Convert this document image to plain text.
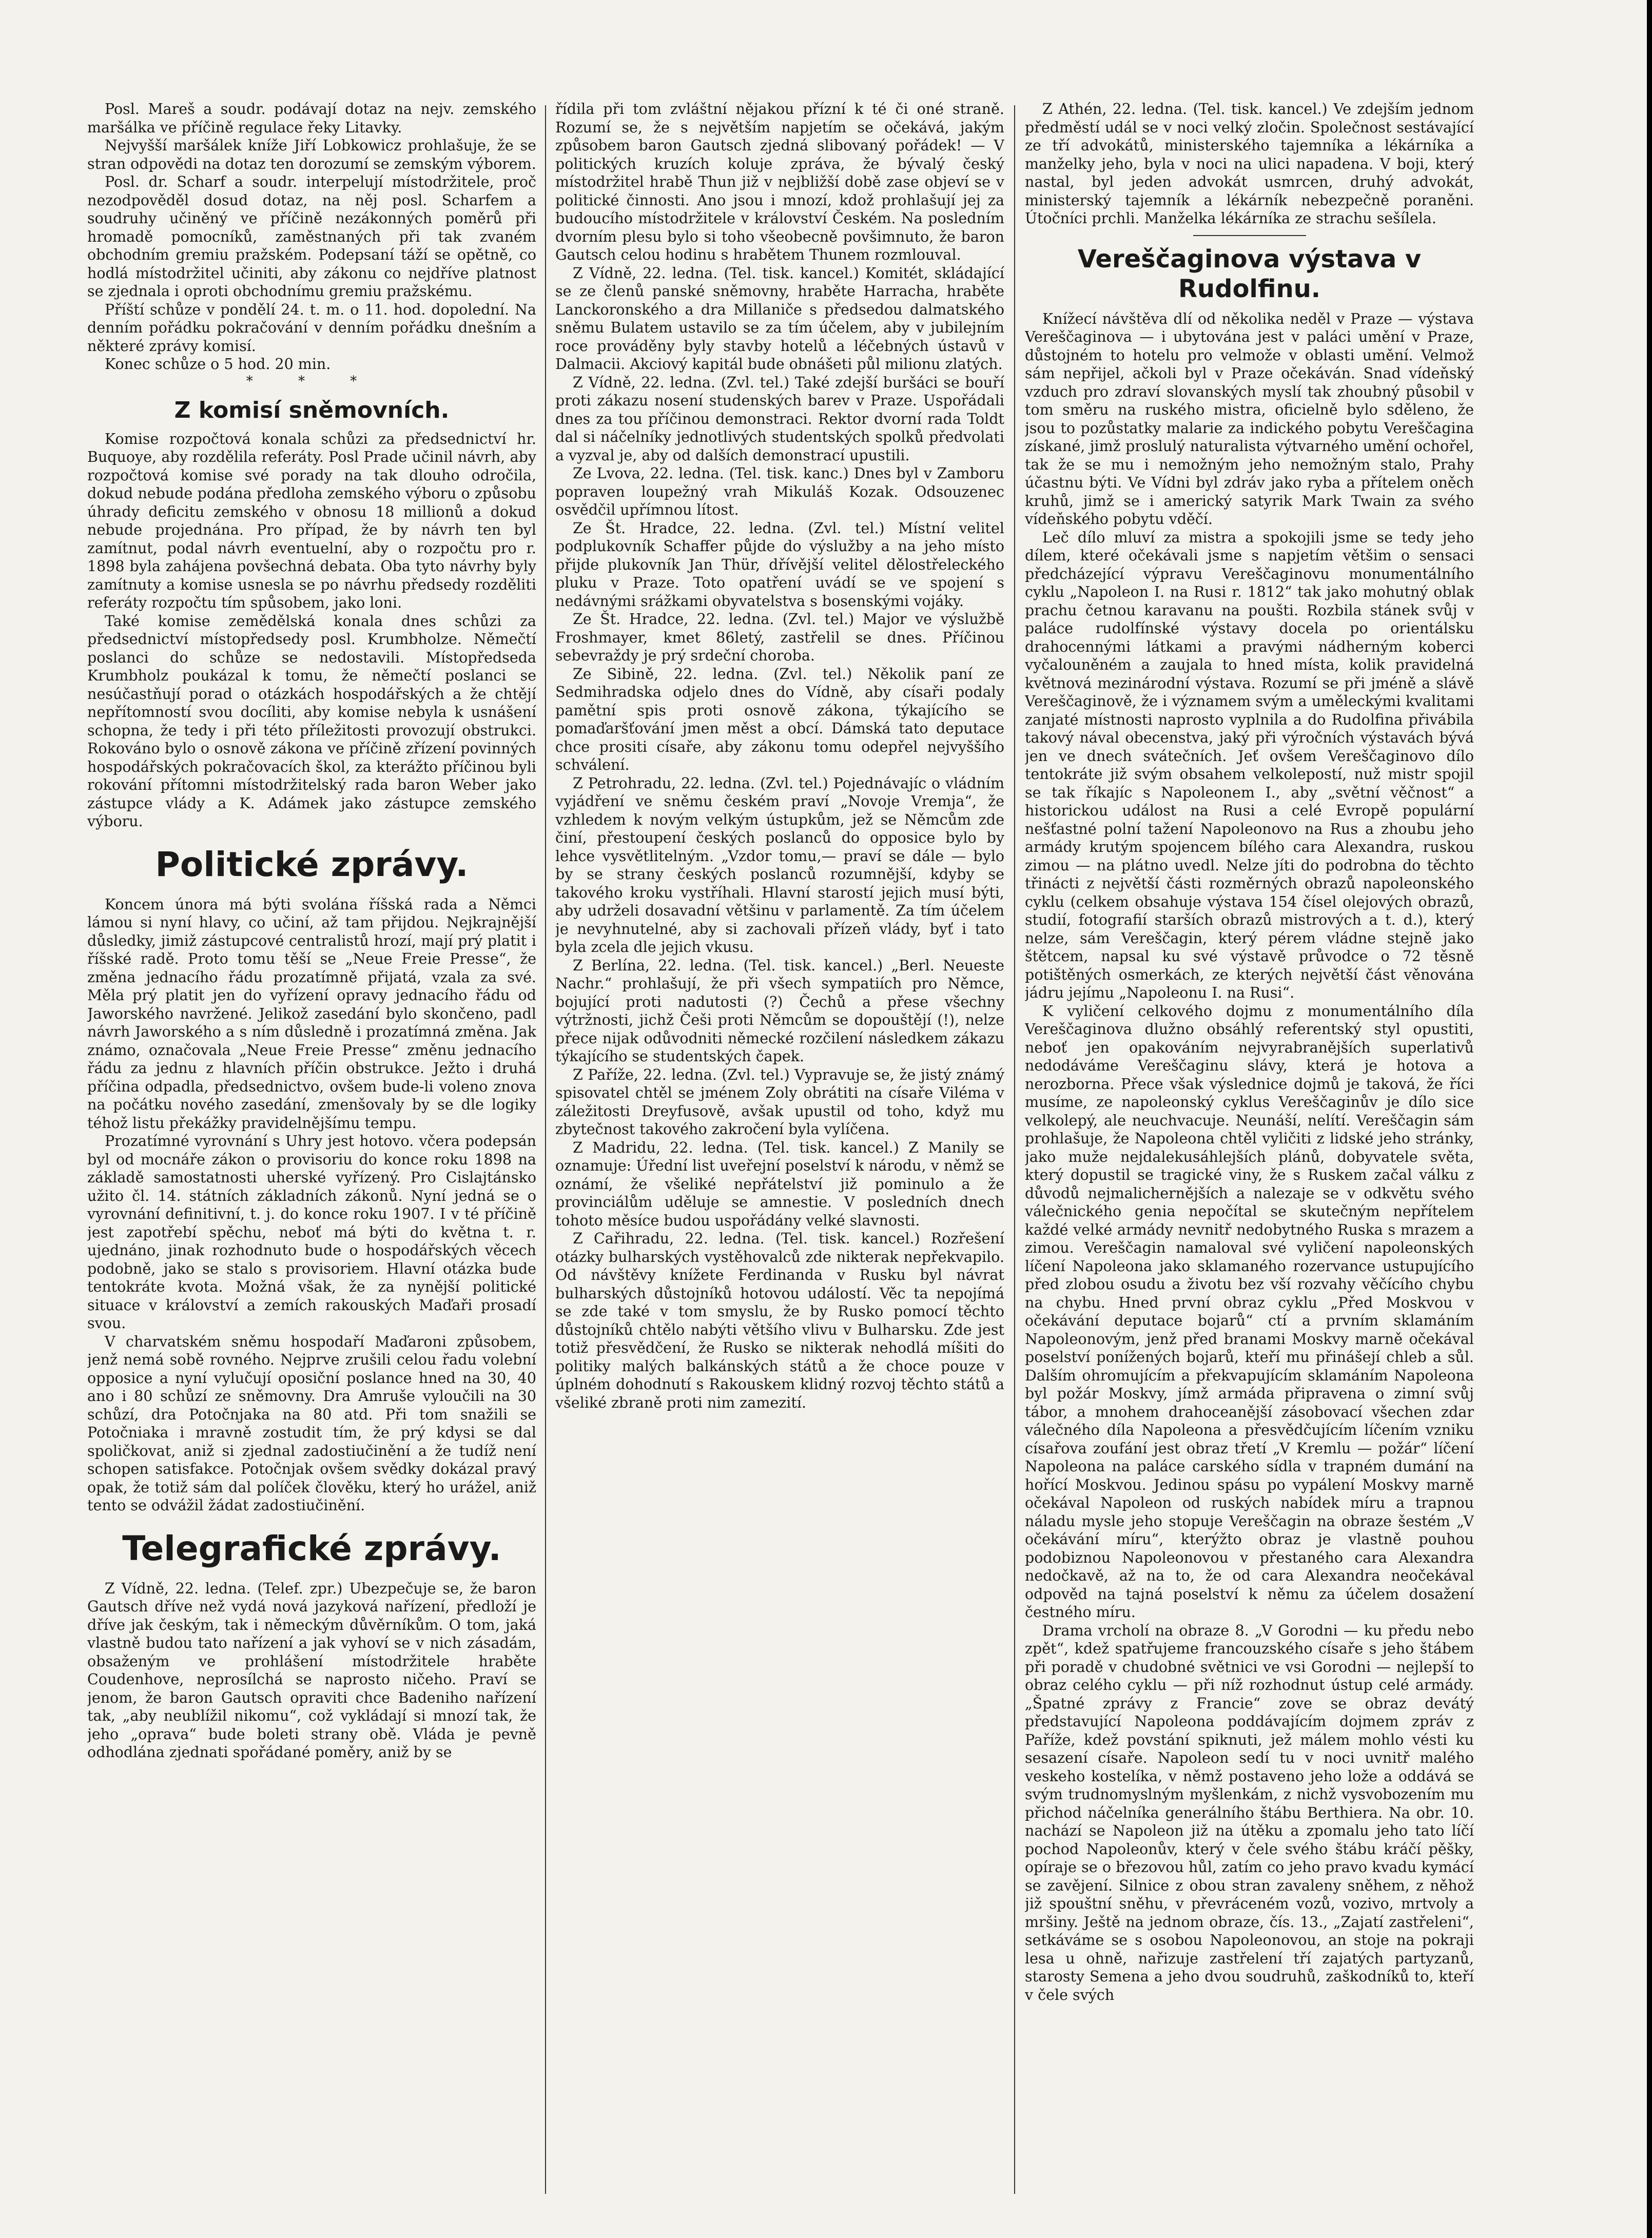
Posl. Mareš a soudr. podávají dotaz na nejv. zemského maršálka ve příčině regulace řeky Litavky.

Nejvyšší maršálek kníže Jiří Lobkowicz prohlašuje, že se stran odpovědi na dotaz ten dorozumí se zemským výborem.

Posl. dr. Scharf a soudr. interpelují místodržitele, proč nezodpověděl dosud dotaz, na něj posl. Scharfem a soudruhy učiněný ve příčině nezákonných poměrů při hromadě pomocníků, zaměstnaných při tak zvaném obchodním gremiu pražském. Podepsaní táží se opětně, co hodlá místodržitel učiniti, aby zákonu co nejdříve platnost se zjednala i oproti obchodnímu gremiu pražskému.

Příští schůze v pondělí 24. t. m. o 11. hod. dopolední. Na denním pořádku pokračování v denním pořádku dnešním a některé zprávy komisí.

Konec schůze o 5 hod. 20 min.

* * *
Z komisí sněmovních.

Komise rozpočtová konala schůzi za předsednictví hr. Buquoye, aby rozdělila referáty. Posl Prade učinil návrh, aby rozpočtová komise své porady na tak dlouho odročila, dokud nebude podána předloha zemského výboru o způsobu úhrady deficitu zemského v obnosu 18 millionů a dokud nebude projednána. Pro případ, že by návrh ten byl zamítnut, podal návrh eventuelní, aby o rozpočtu pro r. 1898 byla zahájena povšechná debata. Oba tyto návrhy byly zamítnuty a komise usnesla se po návrhu předsedy rozděliti referáty rozpočtu tím spůsobem, jako loni.

Také komise zemědělská konala dnes schůzi za předsednictví místopředsedy posl. Krumbholze. Němečtí poslanci do schůze se nedostavili. Místopředseda Krumbholz poukázal k tomu, že němečtí poslanci se nesúčastňují porad o otázkách hospodářských a že chtějí nepřítomností svou docíliti, aby komise nebyla k usnášení schopna, že tedy i při této příležitosti provozují obstrukci. Rokováno bylo o osnově zákona ve příčině zřízení povinných hospodářských pokračovacích škol, za kterážto příčinou byli rokování přítomni místodržitelský rada baron Weber jako zástupce vlády a K. Adámek jako zástupce zemského výboru.

Politické zprávy.

Koncem února má býti svolána říšská rada a Němci lámou si nyní hlavy, co učiní, až tam přijdou. Nejkrajnější důsledky, jimiž zástupcové centralistů hrozí, mají prý platit i říšské radě. Proto tomu těší se „Neue Freie Presse“, že změna jednacího řádu prozatímně přijatá, vzala za své. Měla prý platit jen do vyřízení opravy jednacího řádu od Jaworského navržené. Jelikož zasedání bylo skončeno, padl návrh Jaworského a s ním důsledně i prozatímná změna. Jak známo, označovala „Neue Freie Presse“ změnu jednacího řádu za jednu z hlavních příčin obstrukce. Ježto i druhá příčina odpadla, předsednictvo, ovšem bude-li voleno znova na počátku nového zasedání, zmenšovaly by se dle logiky téhož listu překážky pravidelnějšímu tempu.

Prozatímné vyrovnání s Uhry jest hotovo. včera podepsán byl od mocnáře zákon o provisoriu do konce roku 1898 na základě samostatnosti uherské vyřízený. Pro Cislajtánsko užito čl. 14. státních základních zákonů. Nyní jedná se o vyrovnání definitivní, t. j. do konce roku 1907. I v té příčině jest zapotřebí spěchu, neboť má býti do května t. r. ujednáno, jinak rozhodnuto bude o hospodářských věcech podobně, jako se stalo s provisoriem. Hlavní otázka bude tentokráte kvota. Možná však, že za nynější politické situace v království a zemích rakouských Maďaři prosadí svou.

V charvatském sněmu hospodaří Maďaroni způsobem, jenž nemá sobě rovného. Nejprve zrušili celou řadu volební opposice a nyní vylučují oposiční poslance hned na 30, 40 ano i 80 schůzí ze sněmovny. Dra Amruše vyloučili na 30 schůzí, dra Potočnjaka na 80 atd. Při tom snažili se Potočniaka i mravně zostudit tím, že prý kdysi se dal spoličkovat, aniž si zjednal zadostiučinění a že tudíž není schopen satisfakce. Potočnjak ovšem svědky dokázal pravý opak, že totiž sám dal políček člověku, který ho urážel, aniž tento se odvážil žádat zadostiučinění.

Telegrafické zprávy.

Z Vídně, 22. ledna. (Telef. zpr.) Ubezpečuje se, že baron Gautsch dříve než vydá nová jazyková nařízení, předloží je dříve jak českým, tak i německým důvěrníkům. O tom, jaká vlastně budou tato nařízení a jak vyhoví se v nich zásadám, obsaženým ve prohlášení místodržitele hraběte Coudenhove, neprosílchá se naprosto ničeho. Praví se jenom, že baron Gautsch opraviti chce Badeniho nařízení tak, „aby neublížil nikomu“, což vykládají si mnozí tak, že jeho „oprava“ bude boleti strany obě. Vláda je pevně odhodlána zjednati spořádané poměry, aniž by se

řídila při tom zvláštní nějakou přízní k té či oné straně. Rozumí se, že s největším napjetím se očekává, jakým způsobem baron Gautsch zjedná slibovaný pořádek! — V politických kruzích koluje zpráva, že bývalý český místodržitel hrabě Thun již v nejbližší době zase objeví se v politické činnosti. Ano jsou i mnozí, kdož prohlašují jej za budoucího místodržitele v království Českém. Na posledním dvorním plesu bylo si toho všeobecně povšimnuto, že baron Gautsch celou hodinu s hrabětem Thunem rozmlouval.

Z Vídně, 22. ledna. (Tel. tisk. kancel.) Komitét, skládající se ze členů panské sněmovny, hraběte Harracha, hraběte Lanckoronského a dra Millaniče s předsedou dalmatského sněmu Bulatem ustavilo se za tím účelem, aby v jubilejním roce prováděny byly stavby hotelů a léčebných ústavů v Dalmacii. Akciový kapitál bude obnášeti půl milionu zlatých.

Z Vídně, 22. ledna. (Zvl. tel.) Také zdejší buršáci se bouří proti zákazu nosení studenských barev v Praze. Uspořádali dnes za tou příčinou demonstraci. Rektor dvorní rada Toldt dal si náčelníky jednotlivých studentských spolků předvolati a vyzval je, aby od dalších demonstrací upustili.

Ze Lvova, 22. ledna. (Tel. tisk. kanc.) Dnes byl v Zamboru popraven loupežný vrah Mikuláš Kozak. Odsouzenec osvědčil upřímnou lítost.

Ze Št. Hradce, 22. ledna. (Zvl. tel.) Místní velitel podplukovník Schaffer půjde do výslužby a na jeho místo přijde plukovník Jan Thür, dřívější velitel dělostřeleckého pluku v Praze. Toto opatření uvádí se ve spojení s nedávnými srážkami obyvatelstva s bosenskými vojáky.

Ze Št. Hradce, 22. ledna. (Zvl. tel.) Major ve výslužbě Froshmayer, kmet 86letý, zastřelil se dnes. Příčinou sebevraždy je prý srdeční choroba.

Ze Sibině, 22. ledna. (Zvl. tel.) Několik paní ze Sedmihradska odjelo dnes do Vídně, aby císaři podaly pamětní spis proti osnově zákona, týkajícího se pomaďaršťování jmen měst a obcí. Dámská tato deputace chce prositi císaře, aby zákonu tomu odepřel nejvyššího schválení.

Z Petrohradu, 22. ledna. (Zvl. tel.) Pojednávajíc o vládním vyjádření ve sněmu českém praví „Novoje Vremja“, že vzhledem k novým velkým ústupkům, jež se Němcům zde činí, přestoupení českých poslanců do opposice bylo by lehce vysvětlitelným. „Vzdor tomu,— praví se dále — bylo by se strany českých poslanců rozumnější, kdyby se takového kroku vystříhali. Hlavní starostí jejich musí býti, aby udrželi dosavadní většinu v parlamentě. Za tím účelem je nevyhnutelné, aby si zachovali přízeň vlády, byť i tato byla zcela dle jejich vkusu.

Z Berlína, 22. ledna. (Tel. tisk. kancel.) „Berl. Neueste Nachr.“ prohlašují, že při všech sympatiích pro Němce, bojující proti nadutosti (?) Čechů a přese všechny výtržnosti, jichž Češi proti Němcům se dopouštějí (!), nelze přece nijak odůvodniti německé rozčilení následkem zákazu týkajícího se studentských čapek.

Z Paříže, 22. ledna. (Zvl. tel.) Vypravuje se, že jistý známý spisovatel chtěl se jménem Zoly obrátiti na císaře Viléma v záležitosti Dreyfusově, avšak upustil od toho, když mu zbytečnost takového zakročení byla vylíčena.

Z Madridu, 22. ledna. (Tel. tisk. kancel.) Z Manily se oznamuje: Úřední list uveřejní poselství k národu, v němž se oznámí, že všeliké nepřátelství již pominulo a že provinciálům uděluje se amnestie. V posledních dnech tohoto měsíce budou uspořádány velké slavnosti.

Z Cařihradu, 22. ledna. (Tel. tisk. kancel.) Rozřešení otázky bulharských vystěhovalců zde nikterak nepřekvapilo. Od návštěvy knížete Ferdinanda v Rusku byl návrat bulharských důstojníků hotovou událostí. Věc ta nepojímá se zde také v tom smyslu, že by Rusko pomocí těchto důstojníků chtělo nabýti většího vlivu v Bulharsku. Zde jest totiž přesvědčení, že Rusko se nikterak nehodlá míšiti do politiky malých balkánských států a že choce pouze v úplném dohodnutí s Rakouskem klidný rozvoj těchto států a všeliké zbraně proti nim zamezití.

Z Athén, 22. ledna. (Tel. tisk. kancel.) Ve zdejším jednom předměstí udál se v noci velký zločin. Společnost sestávající ze tří advokátů, ministerského tajemníka a lékárníka a manželky jeho, byla v noci na ulici napadena. V boji, který nastal, byl jeden advokát usmrcen, druhý advokát, ministerský tajemník a lékárník nebezpečně poraněni. Útočníci prchli. Manželka lékárníka ze strachu sešílela.

Vereščaginova výstava v Rudolfinu.

Knížecí návštěva dlí od několika neděl v Praze — výstava Vereščaginova — i ubytována jest v paláci umění v Praze, důstojném to hotelu pro velmože v oblasti umění. Velmož sám nepřijel, ačkoli byl v Praze očekáván. Snad vídeňský vzduch pro zdraví slovanských myslí tak zhoubný působil v tom směru na ruského mistra, oficielně bylo sděleno, že jsou to pozůstatky malarie za indického pobytu Vereščagina získané, jimž proslulý naturalista výtvarného umění ochořel, tak že se mu i nemožným jeho nemožným stalo, Prahy účastnu býti. Ve Vídni byl zdráv jako ryba a přítelem oněch kruhů, jimž se i americký satyrik Mark Twain za svého vídeňského pobytu vděčí.

Leč dílo mluví za mistra a spokojili jsme se tedy jeho dílem, které očekávali jsme s napjetím většim o sensaci předcházející výpravu Vereščaginovu monumentálního cyklu „Napoleon I. na Rusi r. 1812“ tak jako mohutný oblak prachu četnou karavanu na poušti. Rozbila stánek svůj v paláce rudolfínské výstavy docela po orientálsku drahocennými látkami a pravými nádherným koberci vyčalouněném a zaujala to hned místa, kolik pravidelná květnová mezinárodní výstava. Rozumí se při jméně a slávě Vereščaginově, že i významem svým a uměleckými kvalitami zanjaté místnosti naprosto vyplnila a do Rudolfina přivábila takový nával obecenstva, jaký při výročních výstavách bývá jen ve dnech svátečních. Jeť ovšem Vereščaginovo dílo tentokráte již svým obsahem velkolepostí, nuž mistr spojil se tak říkajíc s Napoleonem I., aby „světní věčnost“ a historickou událost na Rusi a celé Evropě populární nešťastné polní tažení Napoleonovo na Rus a zhoubu jeho armády krutým spojencem bílého cara Alexandra, ruskou zimou — na plátno uvedl. Nelze jíti do podrobna do těchto třinácti z největší části rozměrných obrazů napoleonského cyklu (celkem obsahuje výstava 154 čísel olejových obrazů, studií, fotografií starších obrazů mistrových a t. d.), který nelze, sám Vereščagin, který pérem vládne stejně jako štětcem, napsal ku své výstavě průvodce o 72 těsně potištěných osmerkách, ze kterých největší část věnována jádru jejímu „Napoleonu I. na Rusi“.

K vyličení celkového dojmu z monumentálního díla Vereščaginova dlužno obsáhlý referentský styl opustiti, neboť jen opakováním nejvyrabranějších superlativů nedodáváme Vereščaginu slávy, která je hotova a nerozborna. Přece však výslednice dojmů je taková, že říci musíme, ze napoleonský cyklus Vereščaginův je dílo sice velkolepý, ale neuchvacuje. Neunáší, nelítí. Vereščagin sám prohlašuje, že Napoleona chtěl vyličiti z lidské jeho stránky, jako muže nejdalekusáhlejších plánů, dobyvatele světa, který dopustil se tragické viny, že s Ruskem začal válku z důvodů nejmalichernějších a nalezaje se v odkvětu svého válečnického genia nepočítal se skutečným nepřítelem každé velké armády nevnitř nedobytného Ruska s mrazem a zimou. Vereščagin namaloval své vyličení napoleonských líčení Napoleona jako sklamaného rozervance ustupujícího před zlobou osudu a životu bez vší rozvahy věčícího chybu na chybu. Hned první obraz cyklu „Před Moskvou v očekávání deputace bojarů“ ctí a prvním sklamáním Napoleonovým, jenž před branami Moskvy marně očekával poselství ponížených bojarů, kteří mu přinášejí chleb a sůl. Dalším ohromujícím a překvapujícím sklamáním Napoleona byl požár Moskvy, jímž armáda připravena o zimní svůj tábor, a mnohem drahoceanější zásobovací všechen zdar válečného díla Napoleona a přesvědčujícím líčením vzniku císařova zoufání jest obraz třetí „V Kremlu — požár“ líčení Napoleona na paláce carského sídla v trapném dumání na hořící Moskvou. Jedinou spásu po vypálení Moskvy marně očekával Napoleon od ruských nabídek míru a trapnou náladu mysle jeho stopuje Vereščagin na obraze šestém „V očekávání míru“, kterýžto obraz je vlastně pouhou podobiznou Napoleonovou v přestaného cara Alexandra nedočkavě, až na to, že od cara Alexandra neočekával odpověd na tajná poselství k němu za účelem dosažení čestného míru.

Drama vrcholí na obraze 8. „V Gorodni — ku předu nebo zpět“, kdež spatřujeme francouzského císaře s jeho štábem při poradě v chudobné světnici ve vsi Gorodni — nejlepší to obraz celého cyklu — při níž rozhodnut ústup celé armády. „Špatné zprávy z Francie“ zove se obraz devátý představující Napoleona poddávajícím dojmem zpráv z Paříže, kdež povstání spiknuti, jež málem mohlo vésti ku sesazení císaře. Napoleon sedí tu v noci uvnitř malého veskeho kostelíka, v němž postaveno jeho lože a oddává se svým trudnomyslným myšlenkám, z nichž vysvobozením mu přichod náčelníka generálního štábu Berthiera. Na obr. 10. nachází se Napoleon již na útěku a zpomalu jeho tato líčí pochod Napoleonův, který v čele svého štábu kráčí pěšky, opíraje se o březovou hůl, zatím co jeho pravo kvadu kymácí se zavějení. Silnice z obou stran zavaleny sněhem, z něhož již spouštní sněhu, v převráceném vozů, vozivo, mrtvoly a mršiny. Ještě na jednom obraze, čís. 13., „Zajatí zastřeleni“, setkáváme se s osobou Napoleonovou, an stoje na pokraji lesa u ohně, nařizuje zastřelení tří zajatých partyzanů, starosty Semena a jeho dvou soudruhů, zaškodníků to, kteří v čele svých
